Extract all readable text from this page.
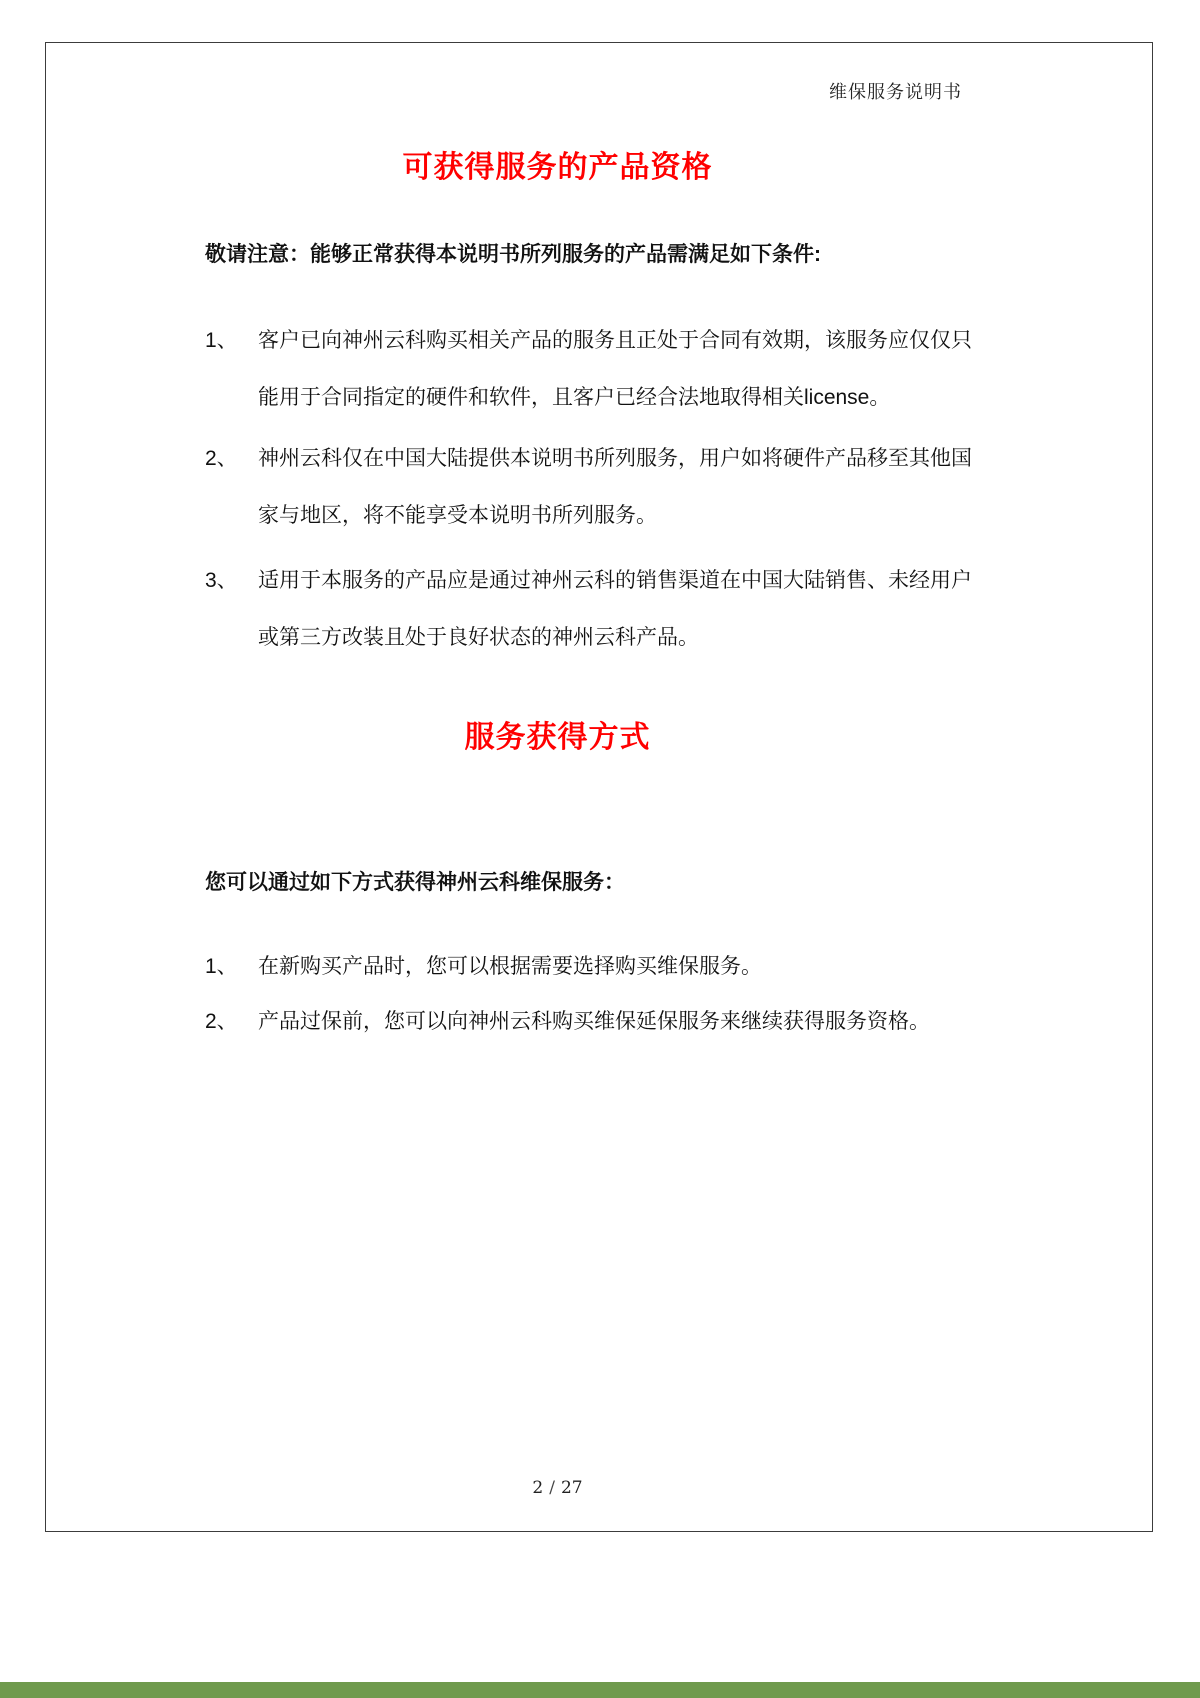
维保服务说明书
可获得服务的产品资格
敬请注意：能够正常获得本说明书所列服务的产品需满足如下条件:
1、 客户已向神州云科购买相关产品的服务且正处于合同有效期，该服务应仅仅只
能用于合同指定的硬件和软件，且客户已经合法地取得相关license。
2、 神州云科仅在中国大陆提供本说明书所列服务，用户如将硬件产品移至其他国
家与地区，将不能享受本说明书所列服务。
3、 适用于本服务的产品应是通过神州云科的销售渠道在中国大陆销售、未经用户
或第三方改装且处于良好状态的神州云科产品。
服务获得方式
您可以通过如下方式获得神州云科维保服务：
1、 在新购买产品时，您可以根据需要选择购买维保服务。
2、 产品过保前，您可以向神州云科购买维保延保服务来继续获得服务资格。
2 / 27
